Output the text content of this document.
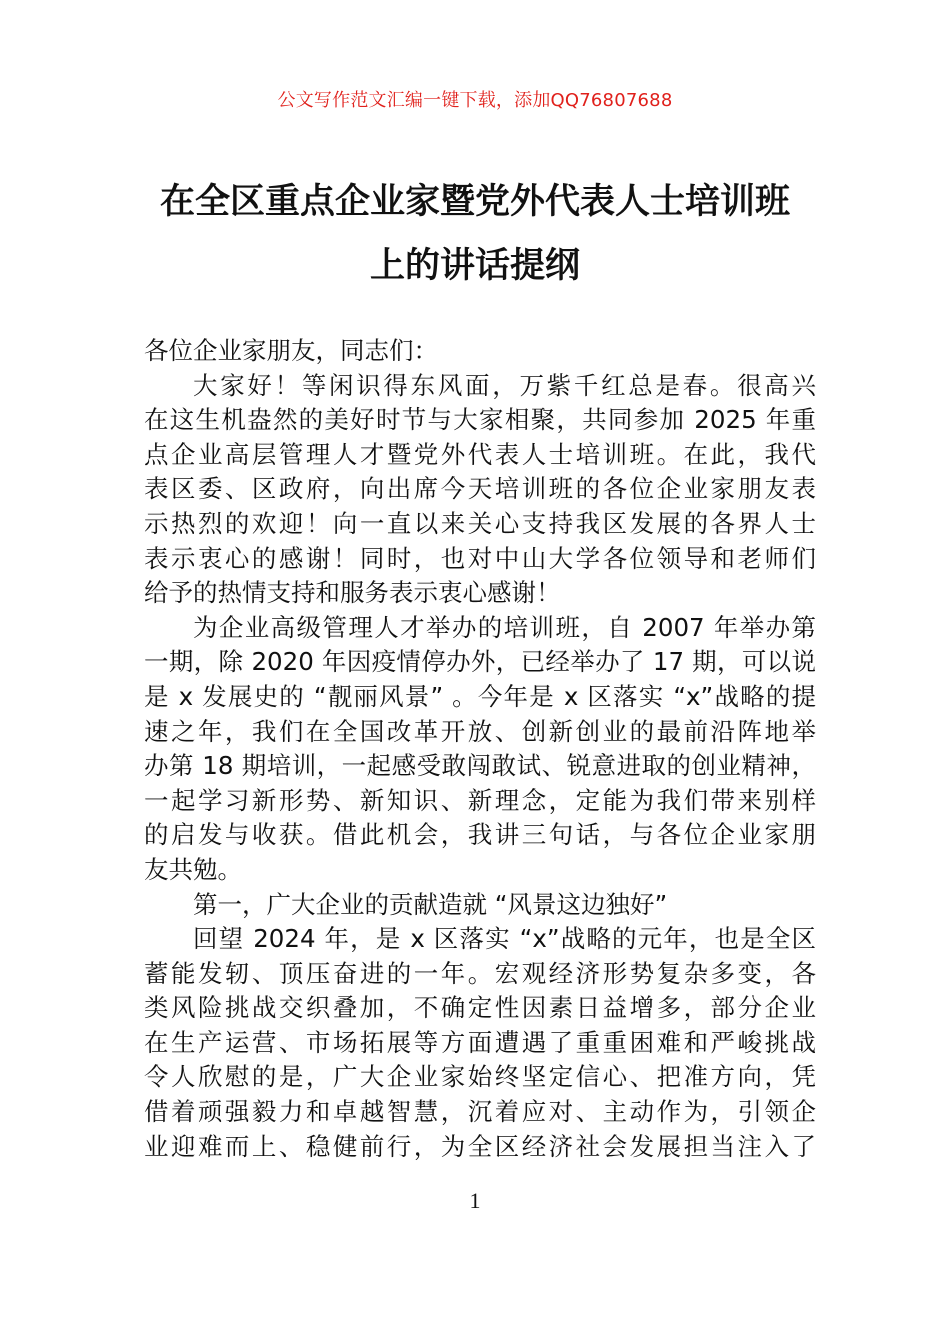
公文写作范文汇编一键下载，添加QQ76807688
在全区重点企业家暨党外代表人士培训班
上的讲话提纲
各位企业家朋友，同志们：
大家好！等闲识得东风面，万紫千红总是春。很高兴
在这生机盎然的美好时节与大家相聚，共同参加 2025 年重
点企业高层管理人才暨党外代表人士培训班。在此，我代
表区委、区政府，向出席今天培训班的各位企业家朋友表
示热烈的欢迎！向一直以来关心支持我区发展的各界人士
表示衷心的感谢！同时，也对中山大学各位领导和老师们
给予的热情支持和服务表示衷心感谢！
为企业高级管理人才举办的培训班，自 2007 年举办第
一期，除 2020 年因疫情停办外，已经举办了 17 期，可以说
是 x 发展史的 “靓丽风景” 。今年是 x 区落实 “x”战略的提
速之年，我们在全国改革开放、创新创业的最前沿阵地举
办第 18 期培训，一起感受敢闯敢试、锐意进取的创业精神，
一起学习新形势、新知识、新理念，定能为我们带来别样
的启发与收获。借此机会，我讲三句话，与各位企业家朋
友共勉。
第一，广大企业的贡献造就 “风景这边独好”
回望 2024 年，是 x 区落实 “x”战略的元年，也是全区
蓄能发轫、顶压奋进的一年。宏观经济形势复杂多变，各
类风险挑战交织叠加，不确定性因素日益增多，部分企业
在生产运营、市场拓展等方面遭遇了重重困难和严峻挑战
令人欣慰的是，广大企业家始终坚定信心、把准方向，凭
借着顽强毅力和卓越智慧，沉着应对、主动作为，引领企
业迎难而上、稳健前行，为全区经济社会发展担当注入了
1
